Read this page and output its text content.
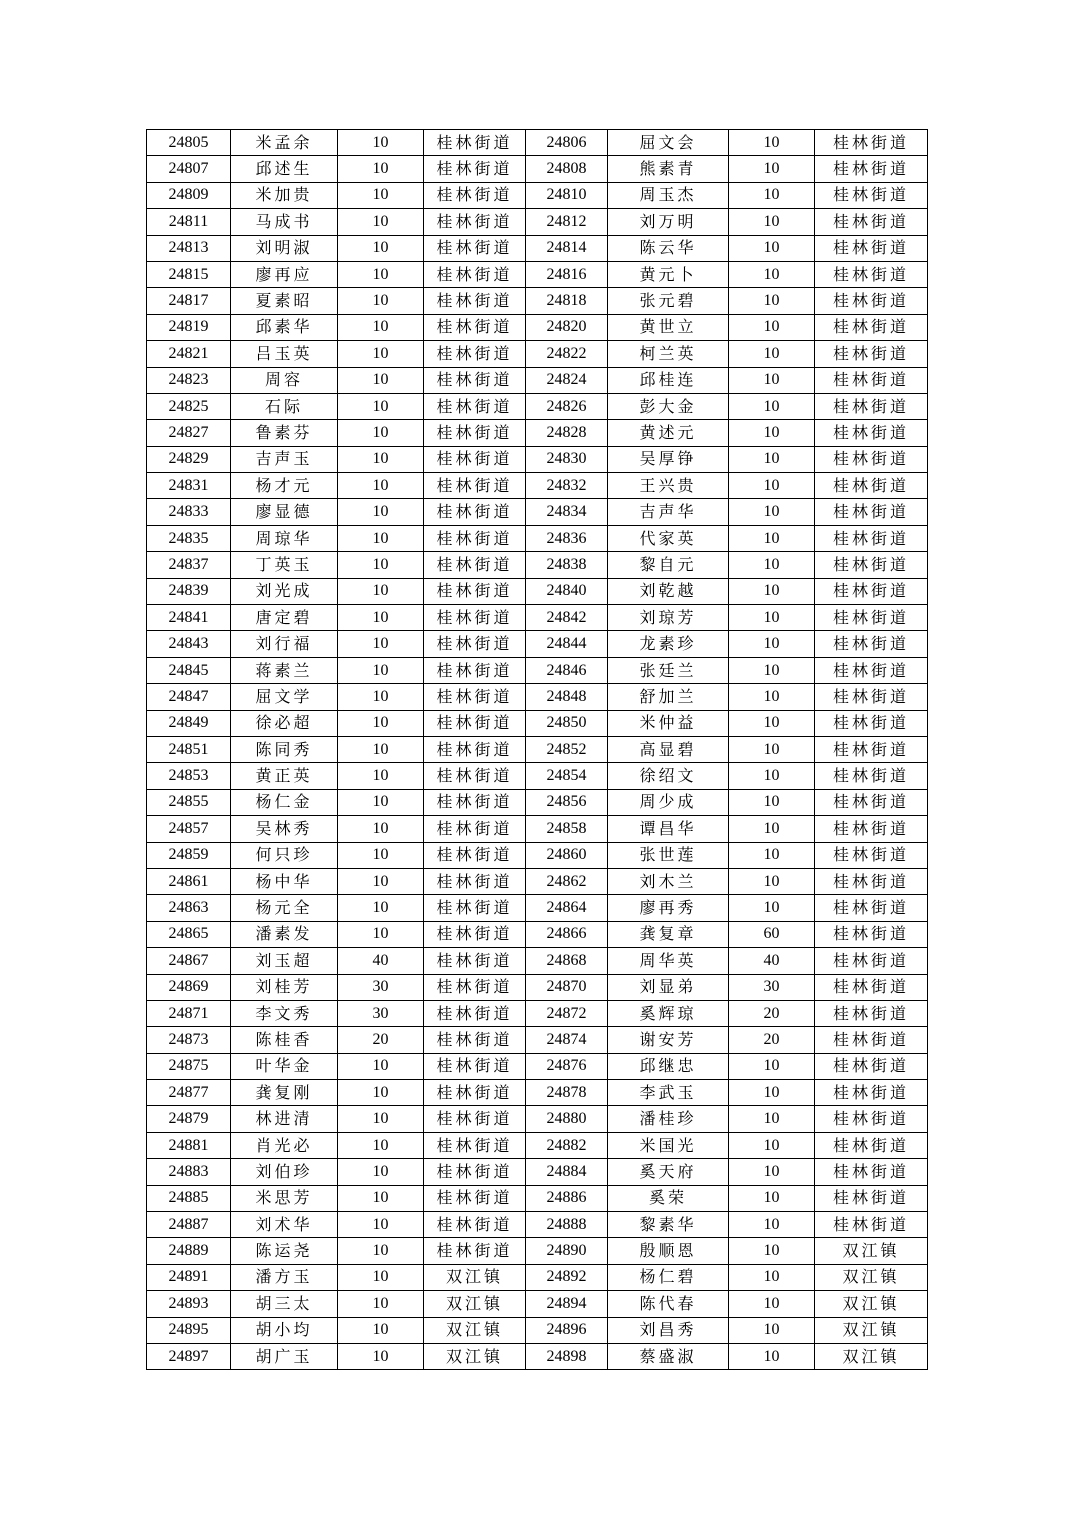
24805	米孟余	10	桂林街道	24806	屈文会	10	桂林街道
24807	邱述生	10	桂林街道	24808	熊素青	10	桂林街道
24809	米加贵	10	桂林街道	24810	周玉杰	10	桂林街道
24811	马成书	10	桂林街道	24812	刘万明	10	桂林街道
24813	刘明淑	10	桂林街道	24814	陈云华	10	桂林街道
24815	廖再应	10	桂林街道	24816	黄元卜	10	桂林街道
24817	夏素昭	10	桂林街道	24818	张元碧	10	桂林街道
24819	邱素华	10	桂林街道	24820	黄世立	10	桂林街道
24821	吕玉英	10	桂林街道	24822	柯兰英	10	桂林街道
24823	周容	10	桂林街道	24824	邱桂连	10	桂林街道
24825	石际	10	桂林街道	24826	彭大金	10	桂林街道
24827	鲁素芬	10	桂林街道	24828	黄述元	10	桂林街道
24829	吉声玉	10	桂林街道	24830	吴厚铮	10	桂林街道
24831	杨才元	10	桂林街道	24832	王兴贵	10	桂林街道
24833	廖显德	10	桂林街道	24834	吉声华	10	桂林街道
24835	周琼华	10	桂林街道	24836	代家英	10	桂林街道
24837	丁英玉	10	桂林街道	24838	黎自元	10	桂林街道
24839	刘光成	10	桂林街道	24840	刘乾越	10	桂林街道
24841	唐定碧	10	桂林街道	24842	刘琼芳	10	桂林街道
24843	刘行福	10	桂林街道	24844	龙素珍	10	桂林街道
24845	蒋素兰	10	桂林街道	24846	张廷兰	10	桂林街道
24847	屈文学	10	桂林街道	24848	舒加兰	10	桂林街道
24849	徐必超	10	桂林街道	24850	米仲益	10	桂林街道
24851	陈同秀	10	桂林街道	24852	高显碧	10	桂林街道
24853	黄正英	10	桂林街道	24854	徐绍文	10	桂林街道
24855	杨仁金	10	桂林街道	24856	周少成	10	桂林街道
24857	吴林秀	10	桂林街道	24858	谭昌华	10	桂林街道
24859	何只珍	10	桂林街道	24860	张世莲	10	桂林街道
24861	杨中华	10	桂林街道	24862	刘木兰	10	桂林街道
24863	杨元全	10	桂林街道	24864	廖再秀	10	桂林街道
24865	潘素发	10	桂林街道	24866	龚复章	60	桂林街道
24867	刘玉超	40	桂林街道	24868	周华英	40	桂林街道
24869	刘桂芳	30	桂林街道	24870	刘显弟	30	桂林街道
24871	李文秀	30	桂林街道	24872	奚辉琼	20	桂林街道
24873	陈桂香	20	桂林街道	24874	谢安芳	20	桂林街道
24875	叶华金	10	桂林街道	24876	邱继忠	10	桂林街道
24877	龚复刚	10	桂林街道	24878	李武玉	10	桂林街道
24879	林进清	10	桂林街道	24880	潘桂珍	10	桂林街道
24881	肖光必	10	桂林街道	24882	米国光	10	桂林街道
24883	刘伯珍	10	桂林街道	24884	奚天府	10	桂林街道
24885	米思芳	10	桂林街道	24886	奚荣	10	桂林街道
24887	刘术华	10	桂林街道	24888	黎素华	10	桂林街道
24889	陈运尧	10	桂林街道	24890	殷顺恩	10	双江镇
24891	潘方玉	10	双江镇	24892	杨仁碧	10	双江镇
24893	胡三太	10	双江镇	24894	陈代春	10	双江镇
24895	胡小均	10	双江镇	24896	刘昌秀	10	双江镇
24897	胡广玉	10	双江镇	24898	蔡盛淑	10	双江镇
